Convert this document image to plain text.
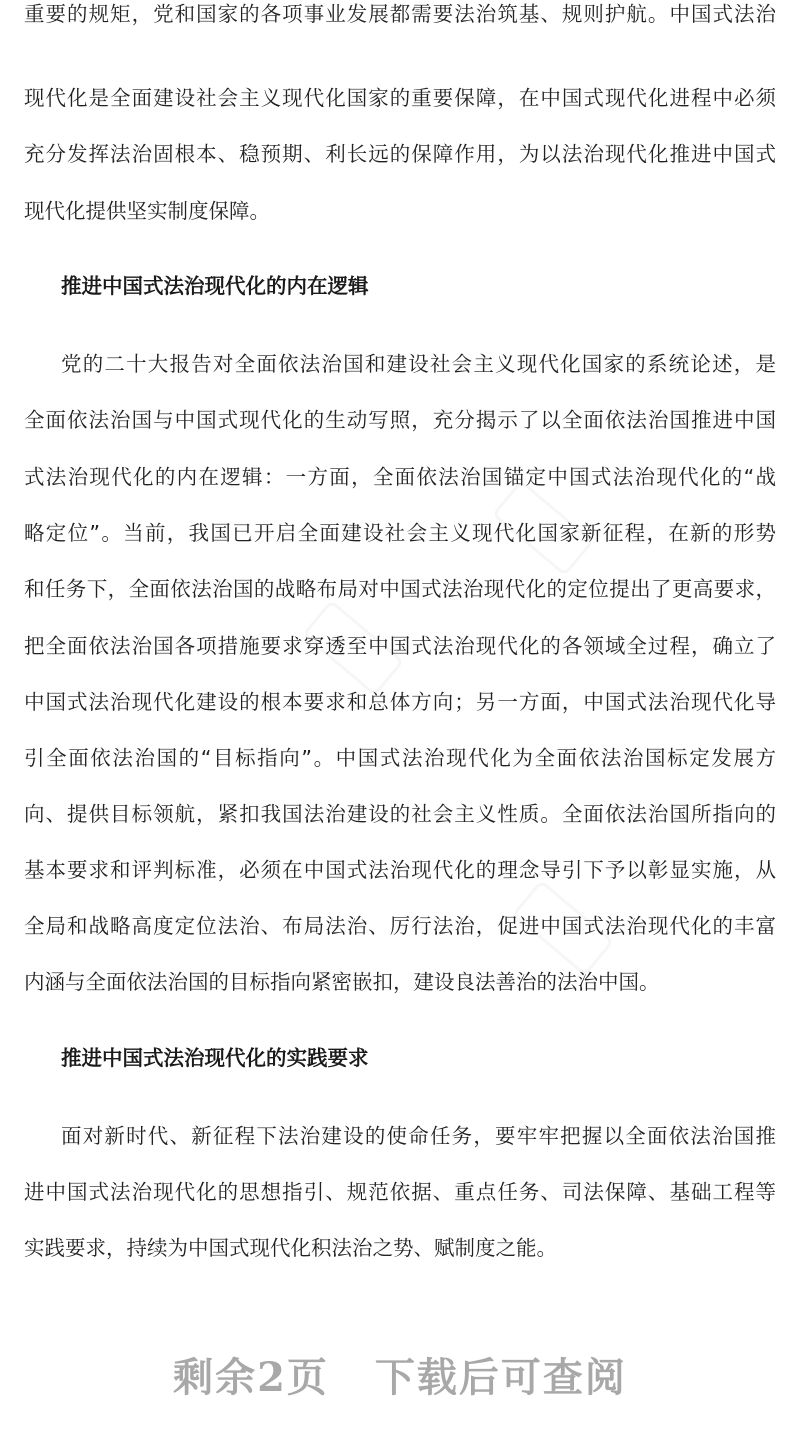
重要的规矩，党和国家的各项事业发展都需要法治筑基、规则护航。中国式法治
现代化是全面建设社会主义现代化国家的重要保障，在中国式现代化进程中必须
充分发挥法治固根本、稳预期、利长远的保障作用，为以法治现代化推进中国式
现代化提供坚实制度保障。
推进中国式法治现代化的内在逻辑
党的二十大报告对全面依法治国和建设社会主义现代化国家的系统论述，是
全面依法治国与中国式现代化的生动写照，充分揭示了以全面依法治国推进中国
式法治现代化的内在逻辑：一方面，全面依法治国锚定中国式法治现代化的“战
略定位”。当前，我国已开启全面建设社会主义现代化国家新征程，在新的形势
和任务下，全面依法治国的战略布局对中国式法治现代化的定位提出了更高要求，
把全面依法治国各项措施要求穿透至中国式法治现代化的各领域全过程，确立了
中国式法治现代化建设的根本要求和总体方向；另一方面，中国式法治现代化导
引全面依法治国的“目标指向”。中国式法治现代化为全面依法治国标定发展方
向、提供目标领航，紧扣我国法治建设的社会主义性质。全面依法治国所指向的
基本要求和评判标准，必须在中国式法治现代化的理念导引下予以彰显实施，从
全局和战略高度定位法治、布局法治、厉行法治，促进中国式法治现代化的丰富
内涵与全面依法治国的目标指向紧密嵌扣，建设良法善治的法治中国。
推进中国式法治现代化的实践要求
面对新时代、新征程下法治建设的使命任务，要牢牢把握以全面依法治国推
进中国式法治现代化的思想指引、规范依据、重点任务、司法保障、基础工程等
实践要求，持续为中国式现代化积法治之势、赋制度之能。
剩余2页 下载后可查阅
